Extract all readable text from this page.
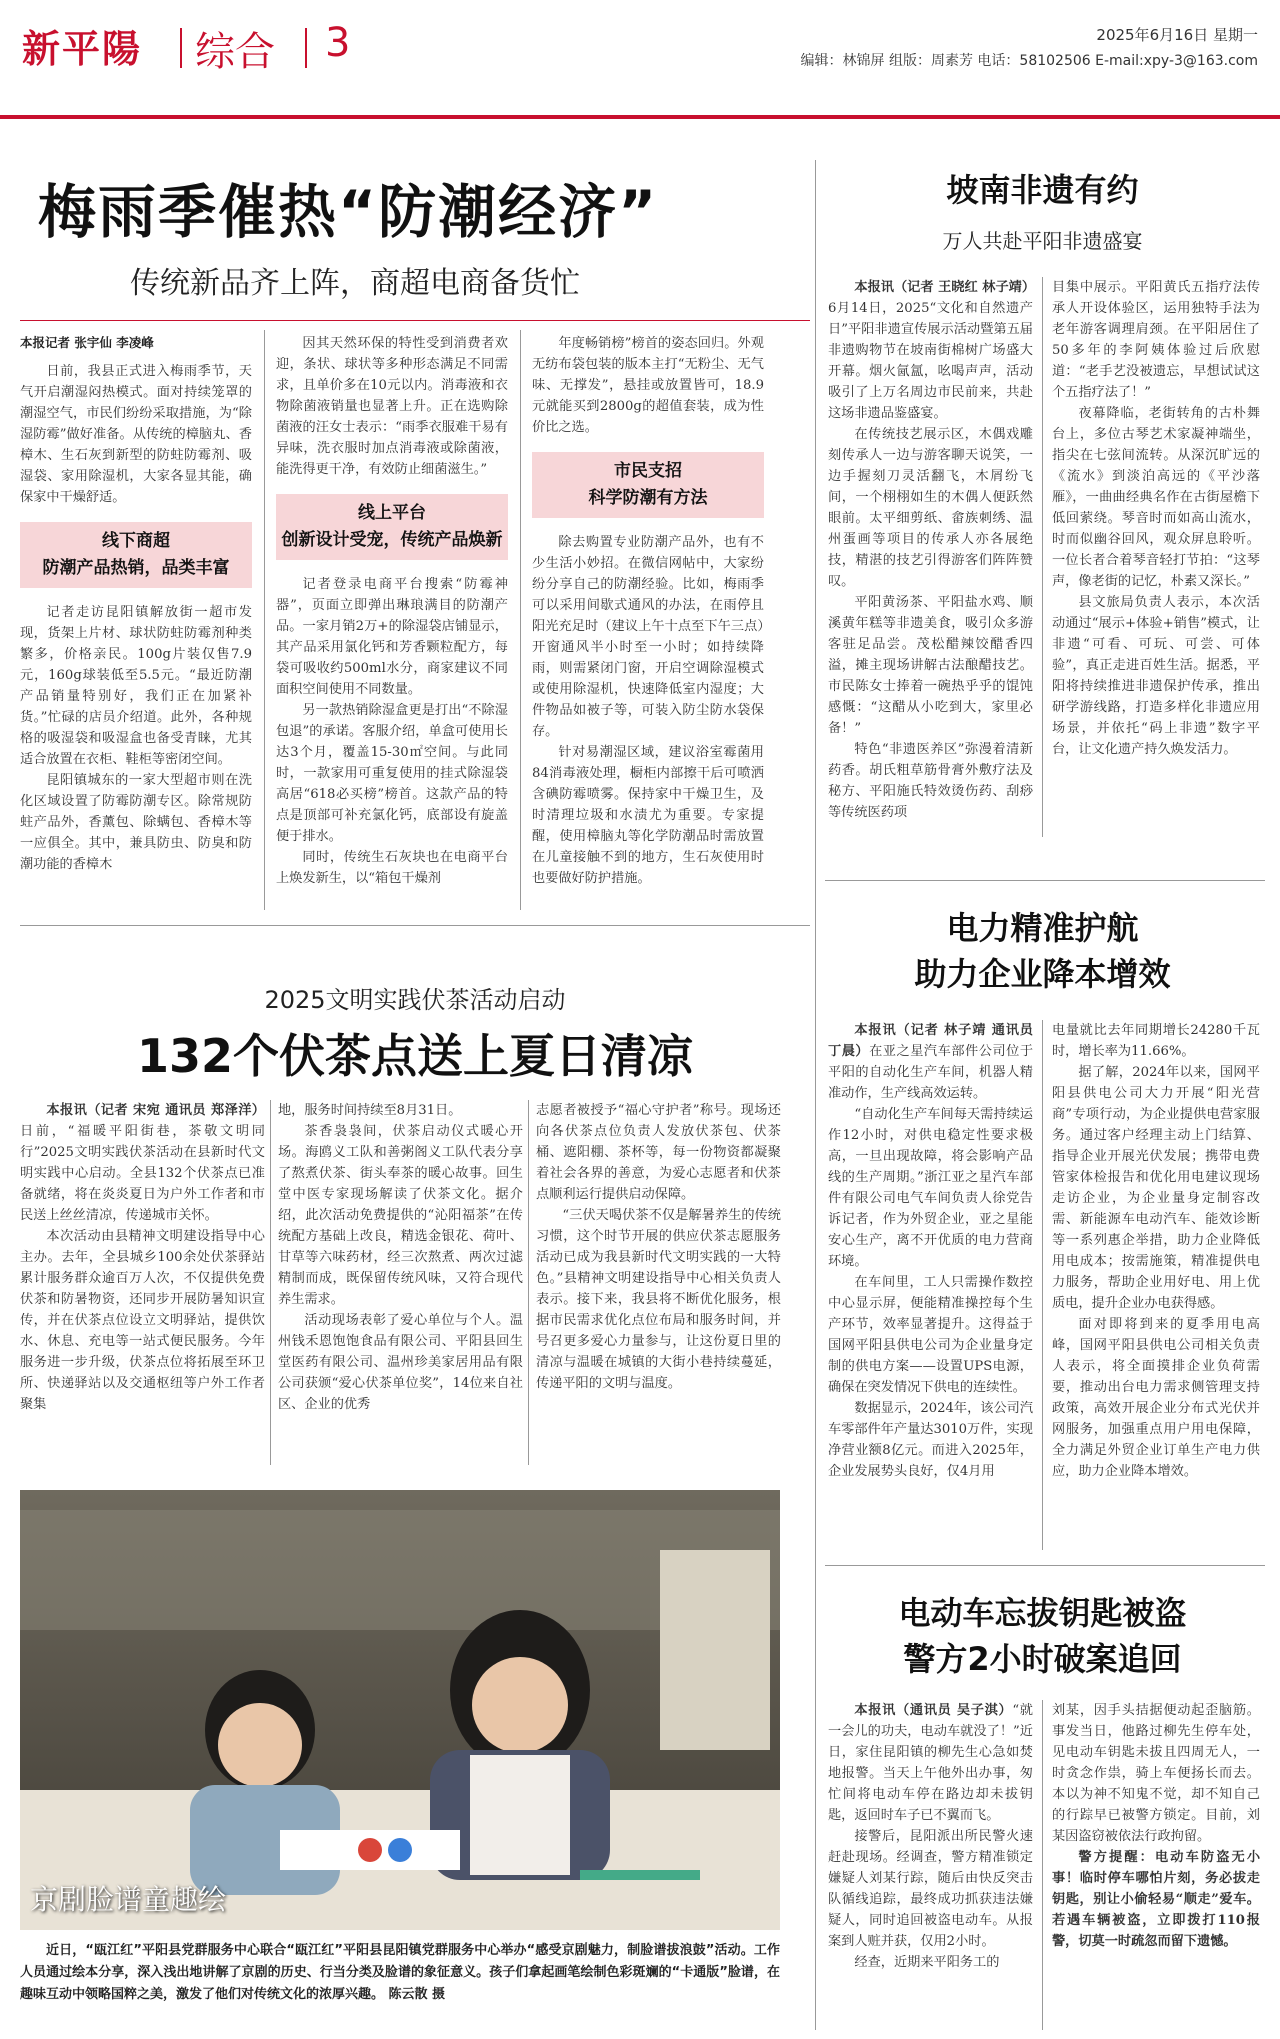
新平陽 综合 3	2025年6月16日 星期一
编辑：林锦屏 组版：周素芳 电话：58102506 E-mail:xpy-3@163.com
梅雨季催热“防潮经济”
传统新品齐上阵，商超电商备货忙
本报记者 张宇仙 李凌峰
日前，我县正式进入梅雨季节，天气开启潮湿闷热模式。面对持续笼罩的潮湿空气，市民们纷纷采取措施，为“除湿防霉”做好准备。从传统的樟脑丸、香樟木、生石灰到新型的防蛀防霉剂、吸湿袋、家用除湿机，大家各显其能，确保家中干燥舒适。
线下商超
防潮产品热销，品类丰富
记者走访昆阳镇解放街一超市发现，货架上片材、球状防蛀防霉剂种类繁多，价格亲民。100g片装仅售7.9元，160g球装低至5.5元。“最近防潮产品销量特别好，我们正在加紧补货。”忙碌的店员介绍道。此外，各种规格的吸湿袋和吸湿盒也备受青睐，尤其适合放置在衣柜、鞋柜等密闭空间。
昆阳镇城东的一家大型超市则在洗化区域设置了防霉防潮专区。除常规防蛀产品外，香薰包、除螨包、香樟木等一应俱全。其中，兼具防虫、防臭和防潮功能的香樟木
因其天然环保的特性受到消费者欢迎，条状、球状等多种形态满足不同需求，且单价多在10元以内。消毒液和衣物除菌液销量也显著上升。正在选购除菌液的汪女士表示：“雨季衣服难干易有异味，洗衣服时加点消毒液或除菌液，能洗得更干净，有效防止细菌滋生。”
线上平台
创新设计受宠，传统产品焕新
记者登录电商平台搜索“防霉神器”，页面立即弹出琳琅满目的防潮产品。一家月销2万+的除湿袋店铺显示，其产品采用氯化钙和芳香颗粒配方，每袋可吸收约500ml水分，商家建议不同面积空间使用不同数量。
另一款热销除湿盒更是打出“不除湿包退”的承诺。客服介绍，单盒可使用长达3个月，覆盖15-30㎡空间。与此同时，一款家用可重复使用的挂式除湿袋高居“618必买榜”榜首。这款产品的特点是顶部可补充氯化钙，底部设有旋盖便于排水。
同时，传统生石灰块也在电商平台上焕发新生，以“箱包干燥剂
年度畅销榜”榜首的姿态回归。外观无纺布袋包装的版本主打“无粉尘、无气味、无撑发”，悬挂或放置皆可，18.9元就能买到2800g的超值套装，成为性价比之选。
市民支招
科学防潮有方法
除去购置专业防潮产品外，也有不少生活小妙招。在微信网帖中，大家纷纷分享自己的防潮经验。比如，梅雨季可以采用间歇式通风的办法，在雨停且阳光充足时（建议上午十点至下午三点）开窗通风半小时至一小时；如持续降雨，则需紧闭门窗，开启空调除湿模式或使用除湿机，快速降低室内湿度；大件物品如被子等，可装入防尘防水袋保存。
针对易潮湿区域，建议浴室霉菌用84消毒液处理，橱柜内部擦干后可喷洒含碘防霉喷雾。保持家中干燥卫生，及时清理垃圾和水渍尤为重要。专家提醒，使用樟脑丸等化学防潮品时需放置在儿童接触不到的地方，生石灰使用时也要做好防护措施。
坡南非遗有约
万人共赴平阳非遗盛宴
本报讯（记者 王晓红 林子靖）6月14日，2025“文化和自然遗产日”平阳非遗宣传展示活动暨第五届非遗购物节在坡南街棉树广场盛大开幕。烟火氤氲，吆喝声声，活动吸引了上万名周边市民前来，共赴这场非遗品鉴盛宴。
在传统技艺展示区，木偶戏雕刻传承人一边与游客聊天说笑，一边手握刻刀灵活翻飞，木屑纷飞间，一个栩栩如生的木偶人便跃然眼前。太平细剪纸、畲族刺绣、温州蛋画等项目的传承人亦各展绝技，精湛的技艺引得游客们阵阵赞叹。
平阳黄汤茶、平阳盐水鸡、顺溪黄年糕等非遗美食，吸引众多游客驻足品尝。茂松醋辣饺醋香四溢，摊主现场讲解古法酿醋技艺。市民陈女士捧着一碗热乎乎的馄饨感慨：“这醋从小吃到大，家里必备！”
特色“非遗医养区”弥漫着清新药香。胡氏粗草筋骨膏外敷疗法及秘方、平阳施氏特效烫伤药、刮痧等传统医药项
目集中展示。平阳黄氏五指疗法传承人开设体验区，运用独特手法为老年游客调理肩颈。在平阳居住了50多年的李阿姨体验过后欣慰道：“老手艺没被遗忘，早想试试这个五指疗法了！”
夜幕降临，老街转角的古朴舞台上，多位古琴艺术家凝神端坐，指尖在七弦间流转。从深沉旷远的《流水》到淡泊高远的《平沙落雁》，一曲曲经典名作在古街屋檐下低回萦绕。琴音时而如高山流水，时而似幽谷回风，观众屏息聆听。一位长者合着琴音轻打节拍：“这琴声，像老街的记忆，朴素又深长。”
县文旅局负责人表示，本次活动通过“展示+体验+销售”模式，让非遗“可看、可玩、可尝、可体验”，真正走进百姓生活。据悉，平阳将持续推进非遗保护传承，推出研学游线路，打造多样化非遗应用场景，并依托“码上非遗”数字平台，让文化遗产持久焕发活力。
2025文明实践伏茶活动启动
132个伏茶点送上夏日清凉
本报讯（记者 宋宛 通讯员 郑泽洋）日前，“福暖平阳街巷，茶敬文明同行”2025文明实践伏茶活动在县新时代文明实践中心启动。全县132个伏茶点已准备就绪，将在炎炎夏日为户外工作者和市民送上丝丝清凉，传递城市关怀。
本次活动由县精神文明建设指导中心主办。去年，全县城乡100余处伏茶驿站累计服务群众逾百万人次，不仅提供免费伏茶和防暑物资，还同步开展防暑知识宣传，并在伏茶点位设立文明驿站，提供饮水、休息、充电等一站式便民服务。今年服务进一步升级，伏茶点位将拓展至环卫所、快递驿站以及交通枢纽等户外工作者聚集
地，服务时间持续至8月31日。
茶香袅袅间，伏茶启动仪式暖心开场。海鸥义工队和善粥阁义工队代表分享了熬煮伏茶、街头奉茶的暖心故事。回生堂中医专家现场解读了伏茶文化。据介绍，此次活动免费提供的“沁阳福茶”在传统配方基础上改良，精选金银花、荷叶、甘草等六味药材，经三次熬煮、两次过滤精制而成，既保留传统风味，又符合现代养生需求。
活动现场表彰了爱心单位与个人。温州钱禾恩饱饱食品有限公司、平阳县回生堂医药有限公司、温州珍美家居用品有限公司获颁“爱心伏茶单位奖”，14位来自社区、企业的优秀
志愿者被授予“福心守护者”称号。现场还向各伏茶点位负责人发放伏茶包、伏茶桶、遮阳棚、茶杯等，每一份物资都凝聚着社会各界的善意，为爱心志愿者和伏茶点顺利运行提供启动保障。
“三伏天喝伏茶不仅是解暑养生的传统习惯，这个时节开展的供应伏茶志愿服务活动已成为我县新时代文明实践的一大特色。”县精神文明建设指导中心相关负责人表示。接下来，我县将不断优化服务，根据市民需求优化点位布局和服务时间，并号召更多爱心力量参与，让这份夏日里的清凉与温暖在城镇的大街小巷持续蔓延，传递平阳的文明与温度。
京剧脸谱童趣绘
近日，“瓯江红”平阳县党群服务中心联合“瓯江红”平阳县昆阳镇党群服务中心举办“感受京剧魅力，制脸谱拔浪鼓”活动。工作人员通过绘本分享，深入浅出地讲解了京剧的历史、行当分类及脸谱的象征意义。孩子们拿起画笔绘制色彩斑斓的“卡通版”脸谱，在趣味互动中领略国粹之美，激发了他们对传统文化的浓厚兴趣。 陈云散 摄
电力精准护航
助力企业降本增效
本报讯（记者 林子靖 通讯员 丁晨）在亚之星汽车部件公司位于平阳的自动化生产车间，机器人精准动作，生产线高效运转。
“自动化生产车间每天需持续运作12小时，对供电稳定性要求极高，一旦出现故障，将会影响产品线的生产周期。”浙江亚之星汽车部件有限公司电气车间负责人徐党告诉记者，作为外贸企业，亚之星能安心生产，离不开优质的电力营商环境。
在车间里，工人只需操作数控中心显示屏，便能精准操控每个生产环节，效率显著提升。这得益于国网平阳县供电公司为企业量身定制的供电方案——设置UPS电源，确保在突发情况下供电的连续性。
数据显示，2024年，该公司汽车零部件年产量达3010万件，实现净营业额8亿元。而进入2025年，企业发展势头良好，仅4月用
电量就比去年同期增长24280千瓦时，增长率为11.66%。
据了解，2024年以来，国网平阳县供电公司大力开展“阳光营商”专项行动，为企业提供电营家服务。通过客户经理主动上门结算、指导企业开展光伏发展；携带电费管家体检报告和优化用电建议现场走访企业，为企业量身定制容改需、新能源车电动汽车、能效诊断等一系列惠企举措，助力企业降低用电成本；按需施策，精准提供电力服务，帮助企业用好电、用上优质电，提升企业办电获得感。
面对即将到来的夏季用电高峰，国网平阳县供电公司相关负责人表示，将全面摸排企业负荷需要，推动出台电力需求侧管理支持政策，高效开展企业分布式光伏并网服务，加强重点用户用电保障，全力满足外贸企业订单生产电力供应，助力企业降本增效。
电动车忘拔钥匙被盗
警方2小时破案追回
本报讯（通讯员 吴子淇）“就一会儿的功夫，电动车就没了！”近日，家住昆阳镇的柳先生心急如焚地报警。当天上午他外出办事，匆忙间将电动车停在路边却未拔钥匙，返回时车子已不翼而飞。
接警后，昆阳派出所民警火速赶赴现场。经调查，警方精准锁定嫌疑人刘某行踪，随后由快反突击队循线追踪，最终成功抓获违法嫌疑人，同时追回被盗电动车。从报案到人赃并获，仅用2小时。
经查，近期来平阳务工的
刘某，因手头拮据便动起歪脑筋。事发当日，他路过柳先生停车处，见电动车钥匙未拔且四周无人，一时贪念作祟，骑上车便扬长而去。本以为神不知鬼不觉，却不知自己的行踪早已被警方锁定。目前，刘某因盗窃被依法行政拘留。
警方提醒：电动车防盗无小事！临时停车哪怕片刻，务必拔走钥匙，别让小偷轻易“顺走”爱车。若遇车辆被盗，立即拨打110报警，切莫一时疏忽而留下遗憾。
